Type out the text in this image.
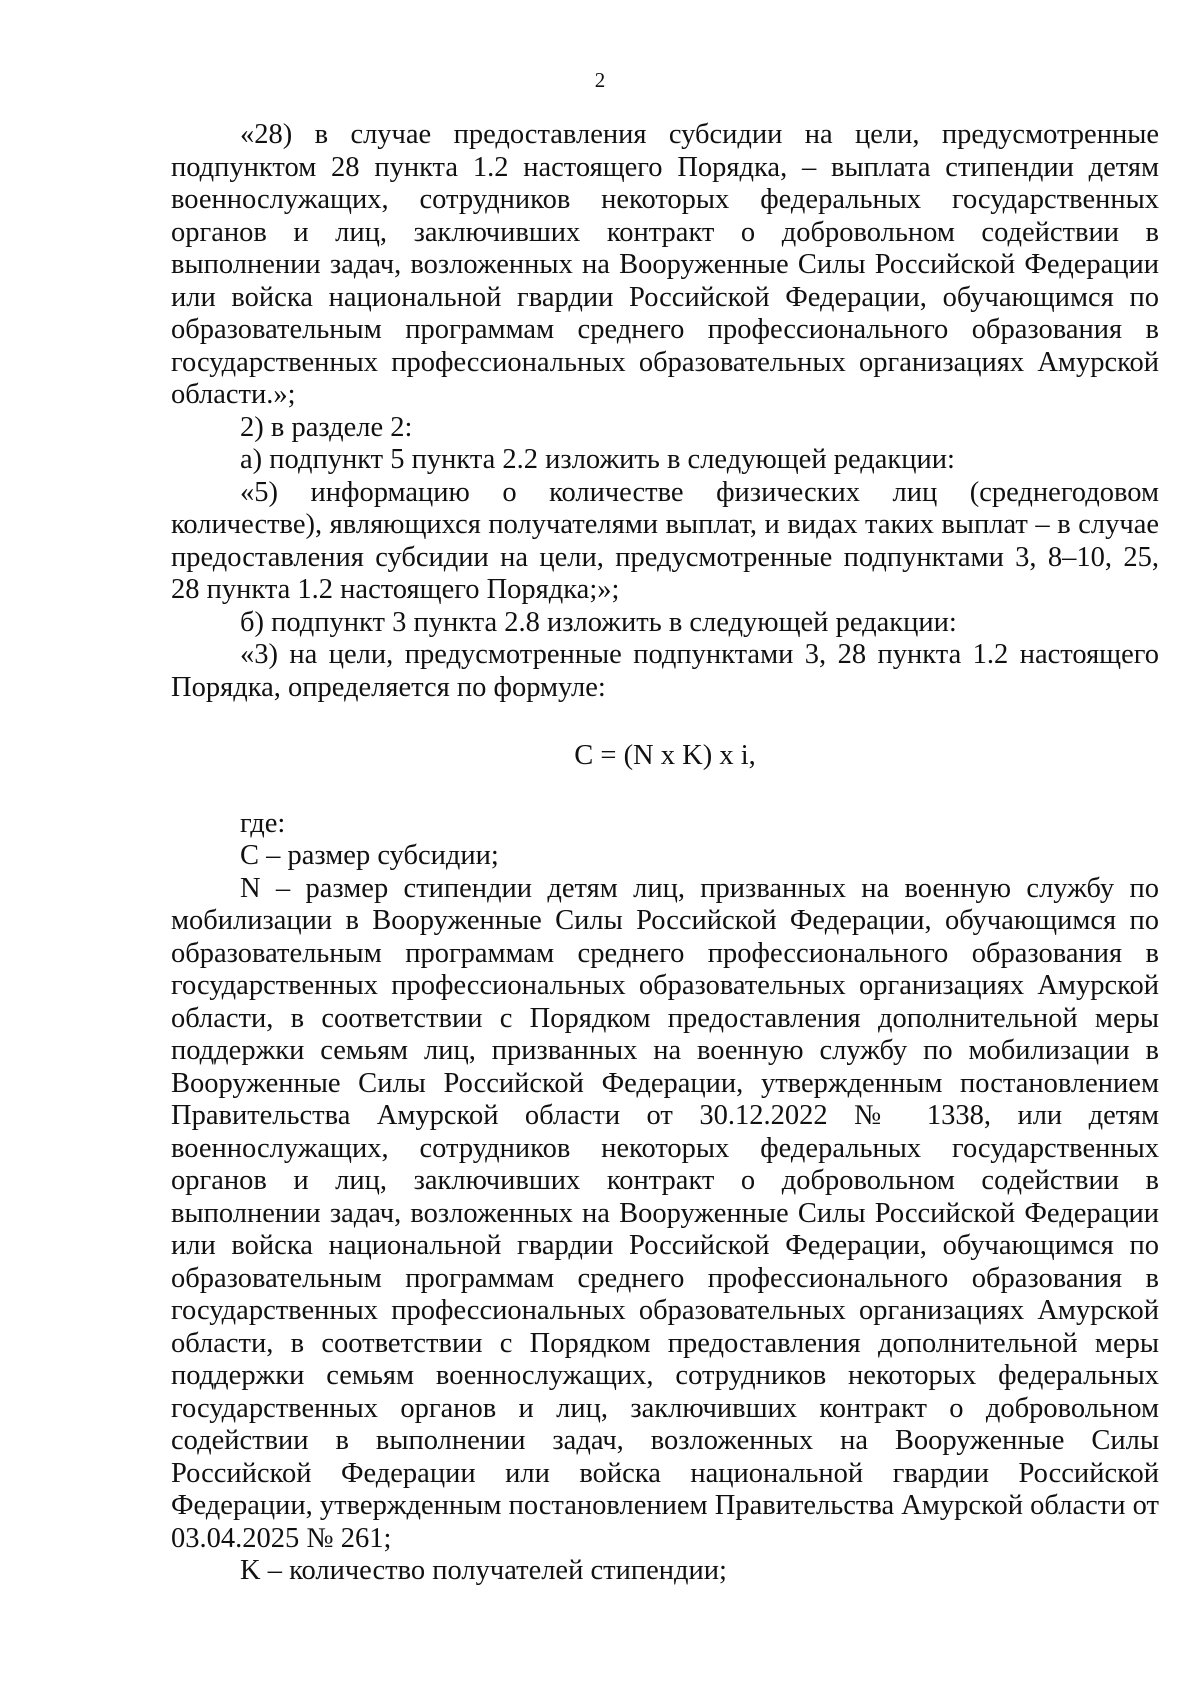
2

«28) в случае предоставления субсидии на цели, предусмотренные подпунктом 28 пункта 1.2 настоящего Порядка, – выплата стипендии детям военнослужащих, сотрудников некоторых федеральных государственных органов и лиц, заключивших контракт о добровольном содействии в выполнении задач, возложенных на Вооруженные Силы Российской Федерации или войска национальной гвардии Российской Федерации, обучающимся по образовательным программам среднего профессионального образования в государственных профессиональных образовательных организациях Амурской области.»;

2) в разделе 2:

а) подпункт 5 пункта 2.2 изложить в следующей редакции:

«5) информацию о количестве физических лиц (среднегодовом количестве), являющихся получателями выплат, и видах таких выплат – в случае предоставления субсидии на цели, предусмотренные подпунктами 3, 8–10, 25, 28 пункта 1.2 настоящего Порядка;»;

б) подпункт 3 пункта 2.8 изложить в следующей редакции:

«3) на цели, предусмотренные подпунктами 3, 28 пункта 1.2 настоящего Порядка, определяется по формуле:

C = (N x K) x i,

где:

C – размер субсидии;

N – размер стипендии детям лиц, призванных на военную службу по мобилизации в Вооруженные Силы Российской Федерации, обучающимся по образовательным программам среднего профессионального образования в государственных профессиональных образовательных организациях Амурской области, в соответствии с Порядком предоставления дополнительной меры поддержки семьям лиц, призванных на военную службу по мобилизации в Вооруженные Силы Российской Федерации, утвержденным постановлением Правительства Амурской области от 30.12.2022 № 1338, или детям военнослужащих, сотрудников некоторых федеральных государственных органов и лиц, заключивших контракт о добровольном содействии в выполнении задач, возложенных на Вооруженные Силы Российской Федерации или войска национальной гвардии Российской Федерации, обучающимся по образовательным программам среднего профессионального образования в государственных профессиональных образовательных организациях Амурской области, в соответствии с Порядком предоставления дополнительной меры поддержки семьям военнослужащих, сотрудников некоторых федеральных государственных органов и лиц, заключивших контракт о добровольном содействии в выполнении задач, возложенных на Вооруженные Силы Российской Федерации или войска национальной гвардии Российской Федерации, утвержденным постановлением Правительства Амурской области от 03.04.2025 № 261;

K – количество получателей стипендии;
